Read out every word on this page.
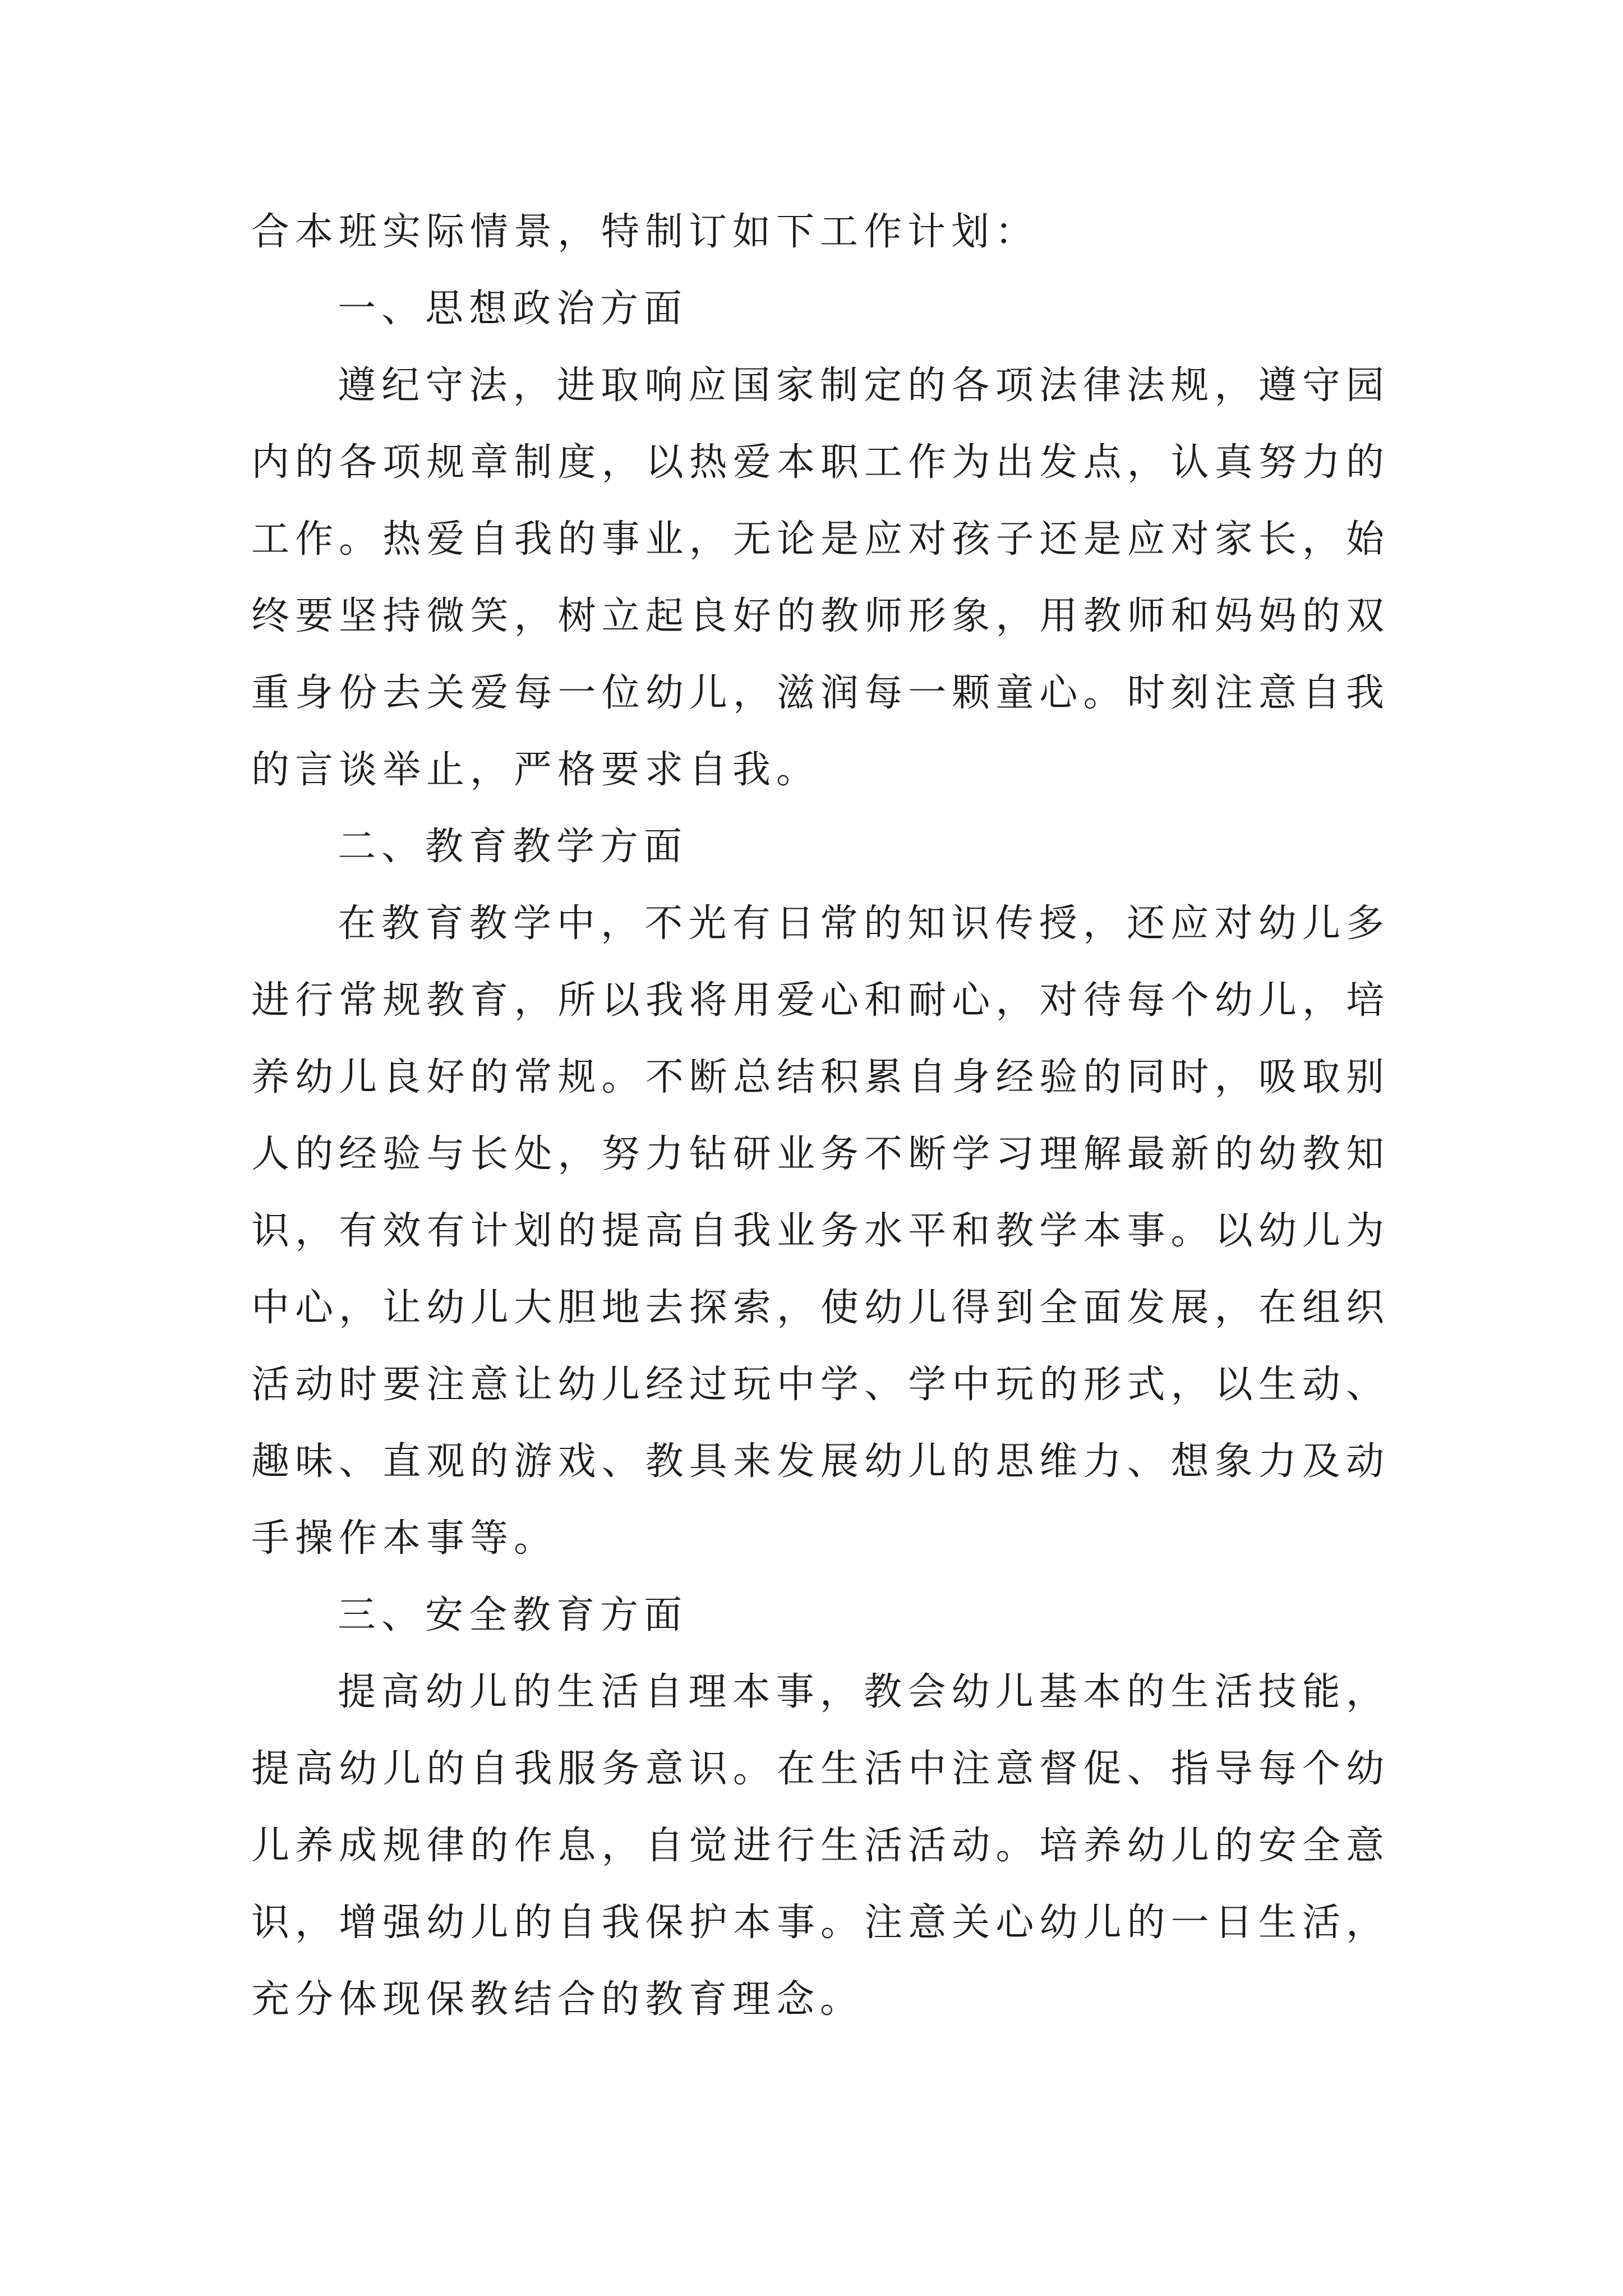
合本班实际情景，特制订如下工作计划：

一、思想政治方面

遵纪守法，进取响应国家制定的各项法律法规，遵守园内的各项规章制度，以热爱本职工作为出发点，认真努力的工作。热爱自我的事业，无论是应对孩子还是应对家长，始终要坚持微笑，树立起良好的教师形象，用教师和妈妈的双重身份去关爱每一位幼儿，滋润每一颗童心。时刻注意自我的言谈举止，严格要求自我。

二、教育教学方面

在教育教学中，不光有日常的知识传授，还应对幼儿多进行常规教育，所以我将用爱心和耐心，对待每个幼儿，培养幼儿良好的常规。不断总结积累自身经验的同时，吸取别人的经验与长处，努力钻研业务不断学习理解最新的幼教知识，有效有计划的提高自我业务水平和教学本事。以幼儿为中心，让幼儿大胆地去探索，使幼儿得到全面发展，在组织活动时要注意让幼儿经过玩中学、学中玩的形式，以生动、趣味、直观的游戏、教具来发展幼儿的思维力、想象力及动手操作本事等。

三、安全教育方面

提高幼儿的生活自理本事，教会幼儿基本的生活技能，提高幼儿的自我服务意识。在生活中注意督促、指导每个幼儿养成规律的作息，自觉进行生活活动。培养幼儿的安全意识，增强幼儿的自我保护本事。注意关心幼儿的一日生活，充分体现保教结合的教育理念。
